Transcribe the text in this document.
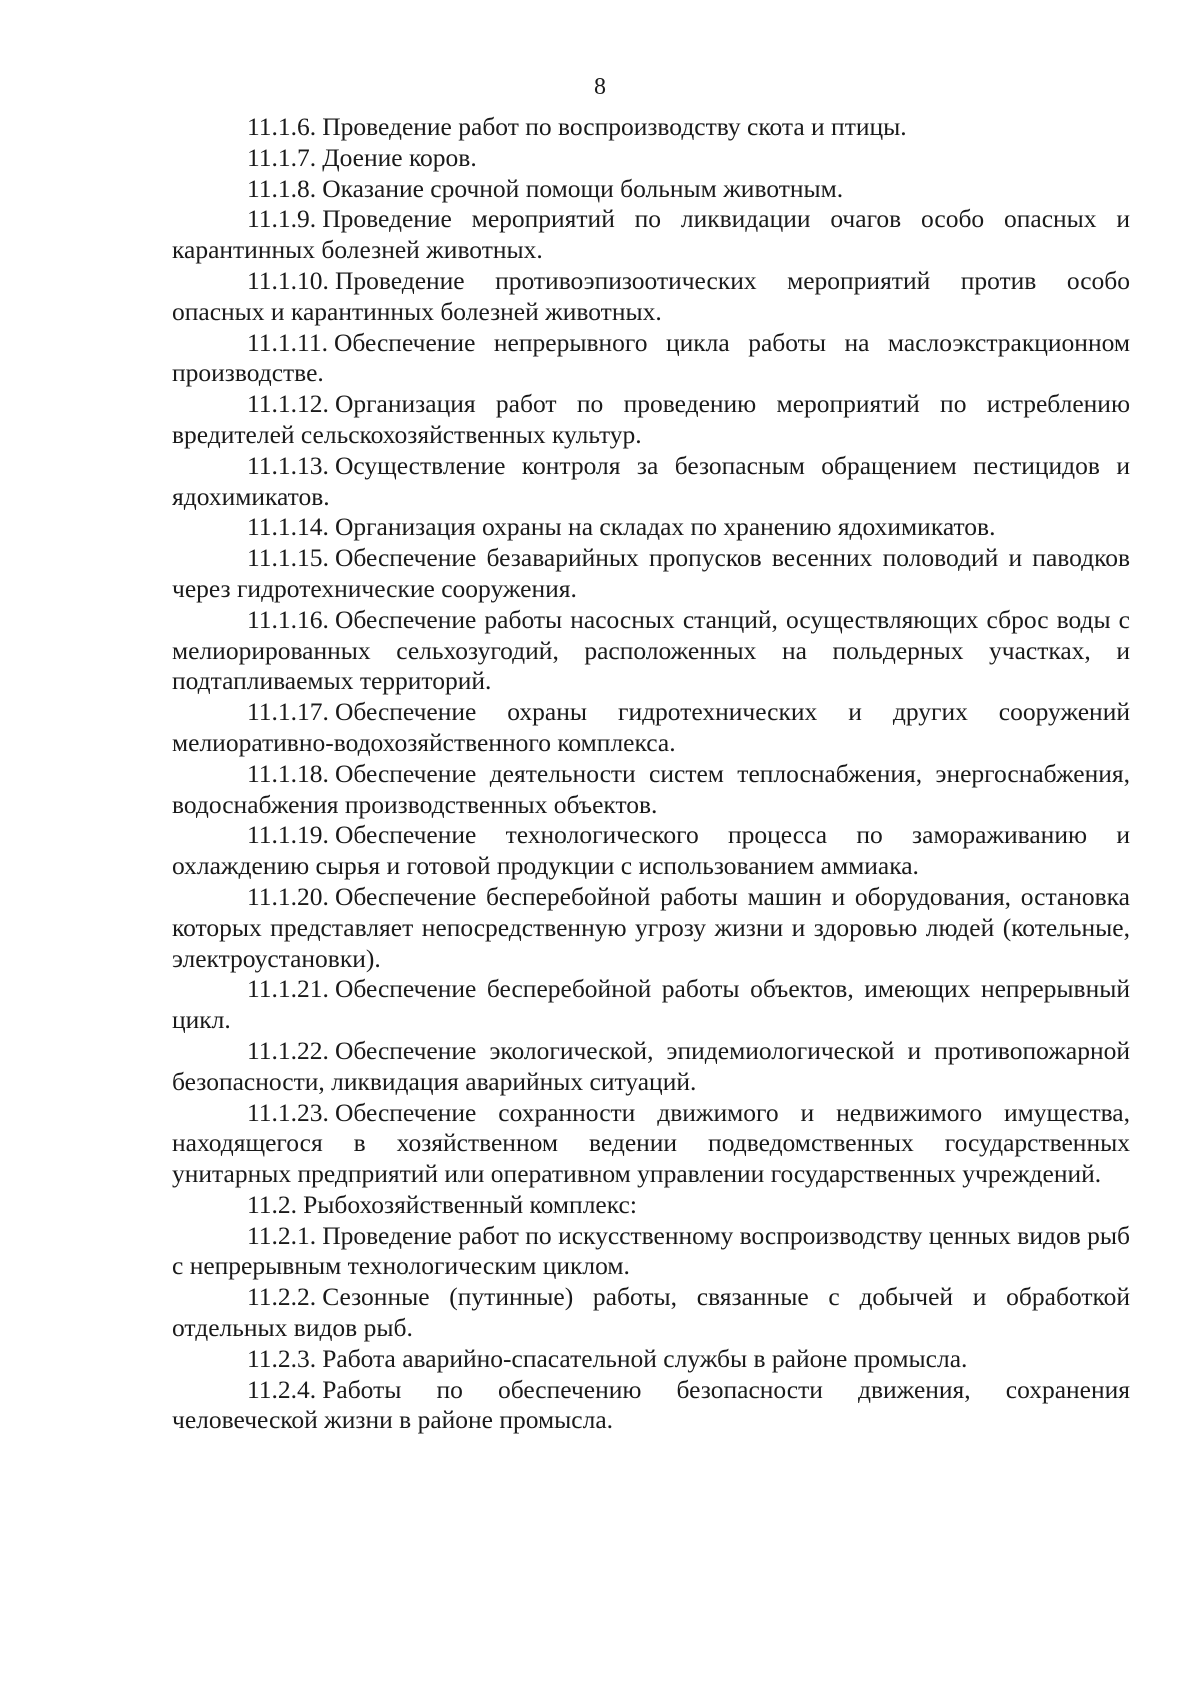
8

11.1.6. Проведение работ по воспроизводству скота и птицы.

11.1.7. Доение коров.

11.1.8. Оказание срочной помощи больным животным.

11.1.9. Проведение мероприятий по ликвидации очагов особо опасных и карантинных болезней животных.

11.1.10. Проведение противоэпизоотических мероприятий против особо опасных и карантинных болезней животных.

11.1.11. Обеспечение непрерывного цикла работы на маслоэкстракционном производстве.

11.1.12. Организация работ по проведению мероприятий по истреблению вредителей сельскохозяйственных культур.

11.1.13. Осуществление контроля за безопасным обращением пестицидов и ядохимикатов.

11.1.14. Организация охраны на складах по хранению ядохимикатов.

11.1.15. Обеспечение безаварийных пропусков весенних половодий и паводков через гидротехнические сооружения.

11.1.16. Обеспечение работы насосных станций, осуществляющих сброс воды с мелиорированных сельхозугодий, расположенных на польдерных участках, и подтапливаемых территорий.

11.1.17. Обеспечение охраны гидротехнических и других сооружений мелиоративно-водохозяйственного комплекса.

11.1.18. Обеспечение деятельности систем теплоснабжения, энергоснабжения, водоснабжения производственных объектов.

11.1.19. Обеспечение технологического процесса по замораживанию и охлаждению сырья и готовой продукции с использованием аммиака.

11.1.20. Обеспечение бесперебойной работы машин и оборудования, остановка которых представляет непосредственную угрозу жизни и здоровью людей (котельные, электроустановки).

11.1.21. Обеспечение бесперебойной работы объектов, имеющих непрерывный цикл.

11.1.22. Обеспечение экологической, эпидемиологической и противопожарной безопасности, ликвидация аварийных ситуаций.

11.1.23. Обеспечение сохранности движимого и недвижимого имущества, находящегося в хозяйственном ведении подведомственных государственных унитарных предприятий или оперативном управлении государственных учреждений.

11.2. Рыбохозяйственный комплекс:

11.2.1. Проведение работ по искусственному воспроизводству ценных видов рыб с непрерывным технологическим циклом.

11.2.2. Сезонные (путинные) работы, связанные с добычей и обработкой отдельных видов рыб.

11.2.3. Работа аварийно-спасательной службы в районе промысла.

11.2.4. Работы по обеспечению безопасности движения, сохранения человеческой жизни в районе промысла.
